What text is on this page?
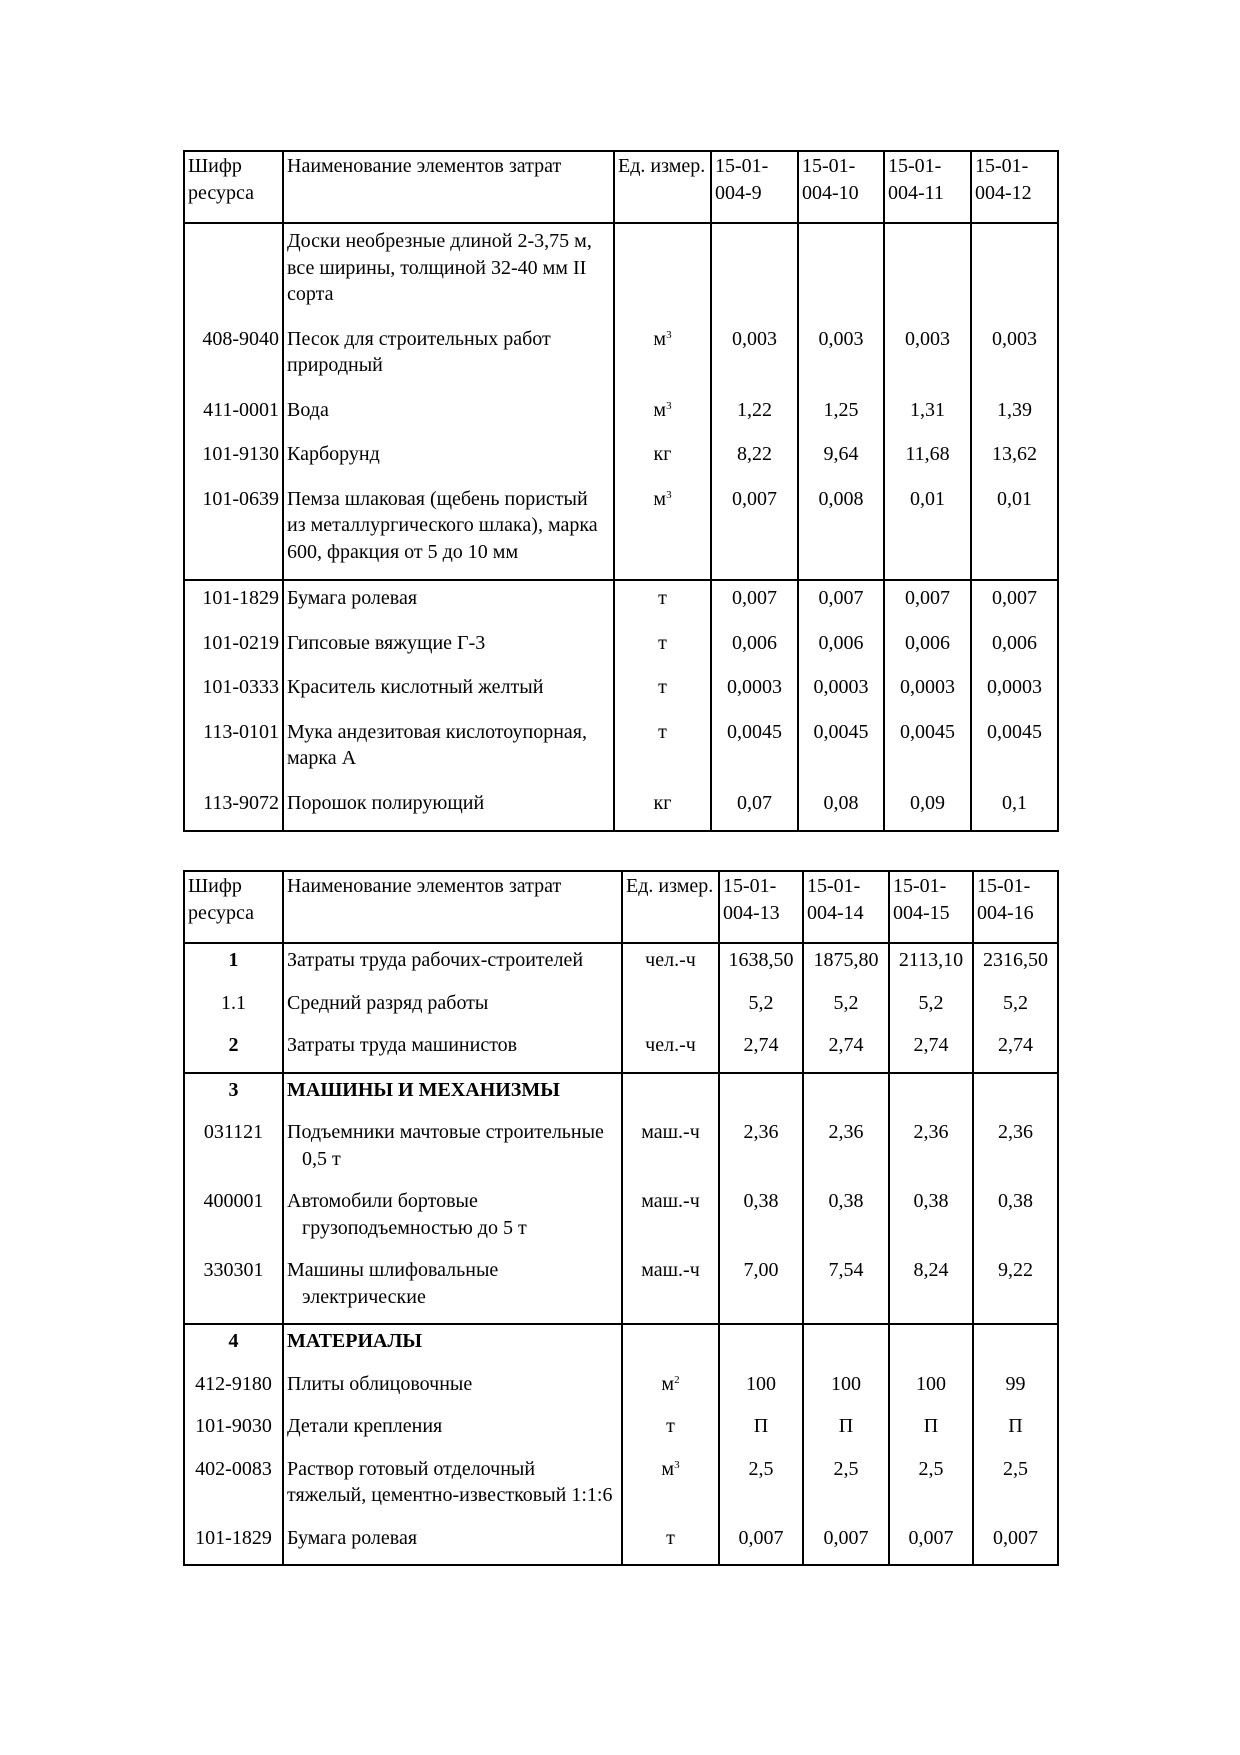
Шифр ресурса	Наименование элементов затрат	Ед. измер.	15-01-004-9	15-01-004-10	15-01-004-11	15-01-004-12
	Доски необрезные длиной 2-3,75 м, все ширины, толщиной 32-40 мм II сорта					
408-9040	Песок для строительных работ природный	$м^3$	0,003	0,003	0,003	0,003
411-0001	Вода	$м^3$	1,22	1,25	1,31	1,39
101-9130	Карборунд	кг	8,22	9,64	11,68	13,62
101-0639	Пемза шлаковая (щебень пористый из металлургического шлака), марка 600, фракция от 5 до 10 мм	$м^3$	0,007	0,008	0,01	0,01
101-1829	Бумага ролевая	т	0,007	0,007	0,007	0,007
101-0219	Гипсовые вяжущие Г-3	т	0,006	0,006	0,006	0,006
101-0333	Краситель кислотный желтый	т	0,0003	0,0003	0,0003	0,0003
113-0101	Мука андезитовая кислотоупорная, марка А	т	0,0045	0,0045	0,0045	0,0045
113-9072	Порошок полирующий	кг	0,07	0,08	0,09	0,1
Шифр ресурса	Наименование элементов затрат	Ед. измер.	15-01-004-13	15-01-004-14	15-01-004-15	15-01-004-16
1	Затраты труда рабочих-строителей	чел.-ч	1638,50	1875,80	2113,10	2316,50
1.1	Средний разряд работы		5,2	5,2	5,2	5,2
2	Затраты труда машинистов	чел.-ч	2,74	2,74	2,74	2,74
3	МАШИНЫ И МЕХАНИЗМЫ					
031121	Подъемники мачтовые строительные 0,5 т	маш.-ч	2,36	2,36	2,36	2,36
400001	Автомобили бортовые грузоподъемностью до 5 т	маш.-ч	0,38	0,38	0,38	0,38
330301	Машины шлифовальные электрические	маш.-ч	7,00	7,54	8,24	9,22
4	МАТЕРИАЛЫ					
412-9180	Плиты облицовочные	$м^2$	100	100	100	99
101-9030	Детали крепления	т	П	П	П	П
402-0083	Раствор готовый отделочный тяжелый, цементно-известковый 1:1:6	$м^3$	2,5	2,5	2,5	2,5
101-1829	Бумага ролевая	т	0,007	0,007	0,007	0,007
